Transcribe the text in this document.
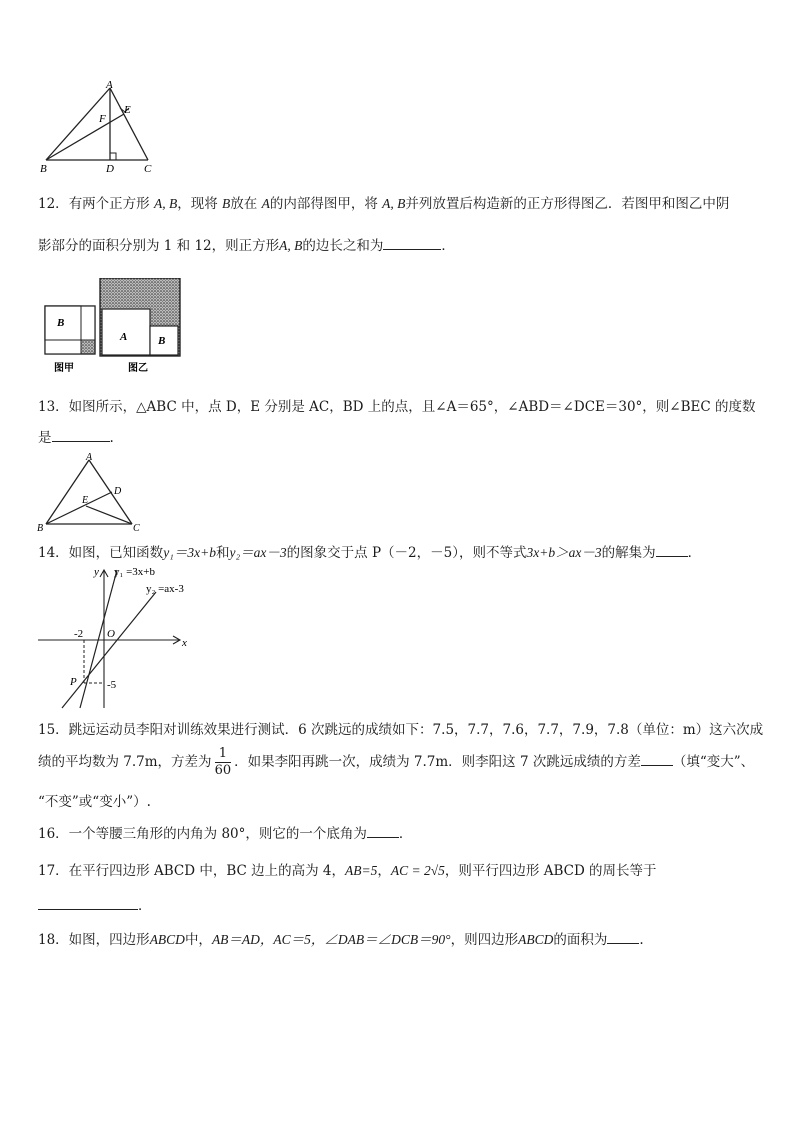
A
E
F
B	D	C
12．有两个正方形 A, B，现将 B放在 A的内部得图甲，将 A, B并列放置后构造新的正方形得图乙．若图甲和图乙中阴
影部分的面积分别为 1 和 12，则正方形A, B的边长之和为	．
B
图甲
A	B
图乙
13．如图所示，△ABC 中，点 D，E 分别是 AC，BD 上的点，且∠A＝65°，∠ABD＝∠DCE＝30°，则∠BEC 的度数
是	.
A
D
E
B	C
14．如图，已知函数y₁＝3x+b和y₂＝ax－3的图象交于点 P（－2，－5），则不等式3x+b＞ax－3的解集为 ．
x
y
O
-2
-5
P
y₁ =3x+b
y₂ =ax-3
15．跳远运动员李阳对训练效果进行测试．6 次跳远的成绩如下：7.5，7.7，7.6，7.7，7.9，7.8（单位：m）这六次成
绩的平均数为 7.7m，方差为 $\frac{1}{60}$ ．如果李阳再跳一次，成绩为 7.7m．则李阳这 7 次跳远成绩的方差 （填“变大”、
“不变”或“变小”）.
16．一个等腰三角形的内角为 80°，则它的一个底角为 ．
17．在平行四边形 ABCD 中，BC 边上的高为 4，AB=5，AC = 2√5，则平行四边形 ABCD 的周长等于
．
18．如图，四边形ABCD中，AB＝AD，AC＝5，∠DAB＝∠DCB＝90°，则四边形ABCD的面积为 .
